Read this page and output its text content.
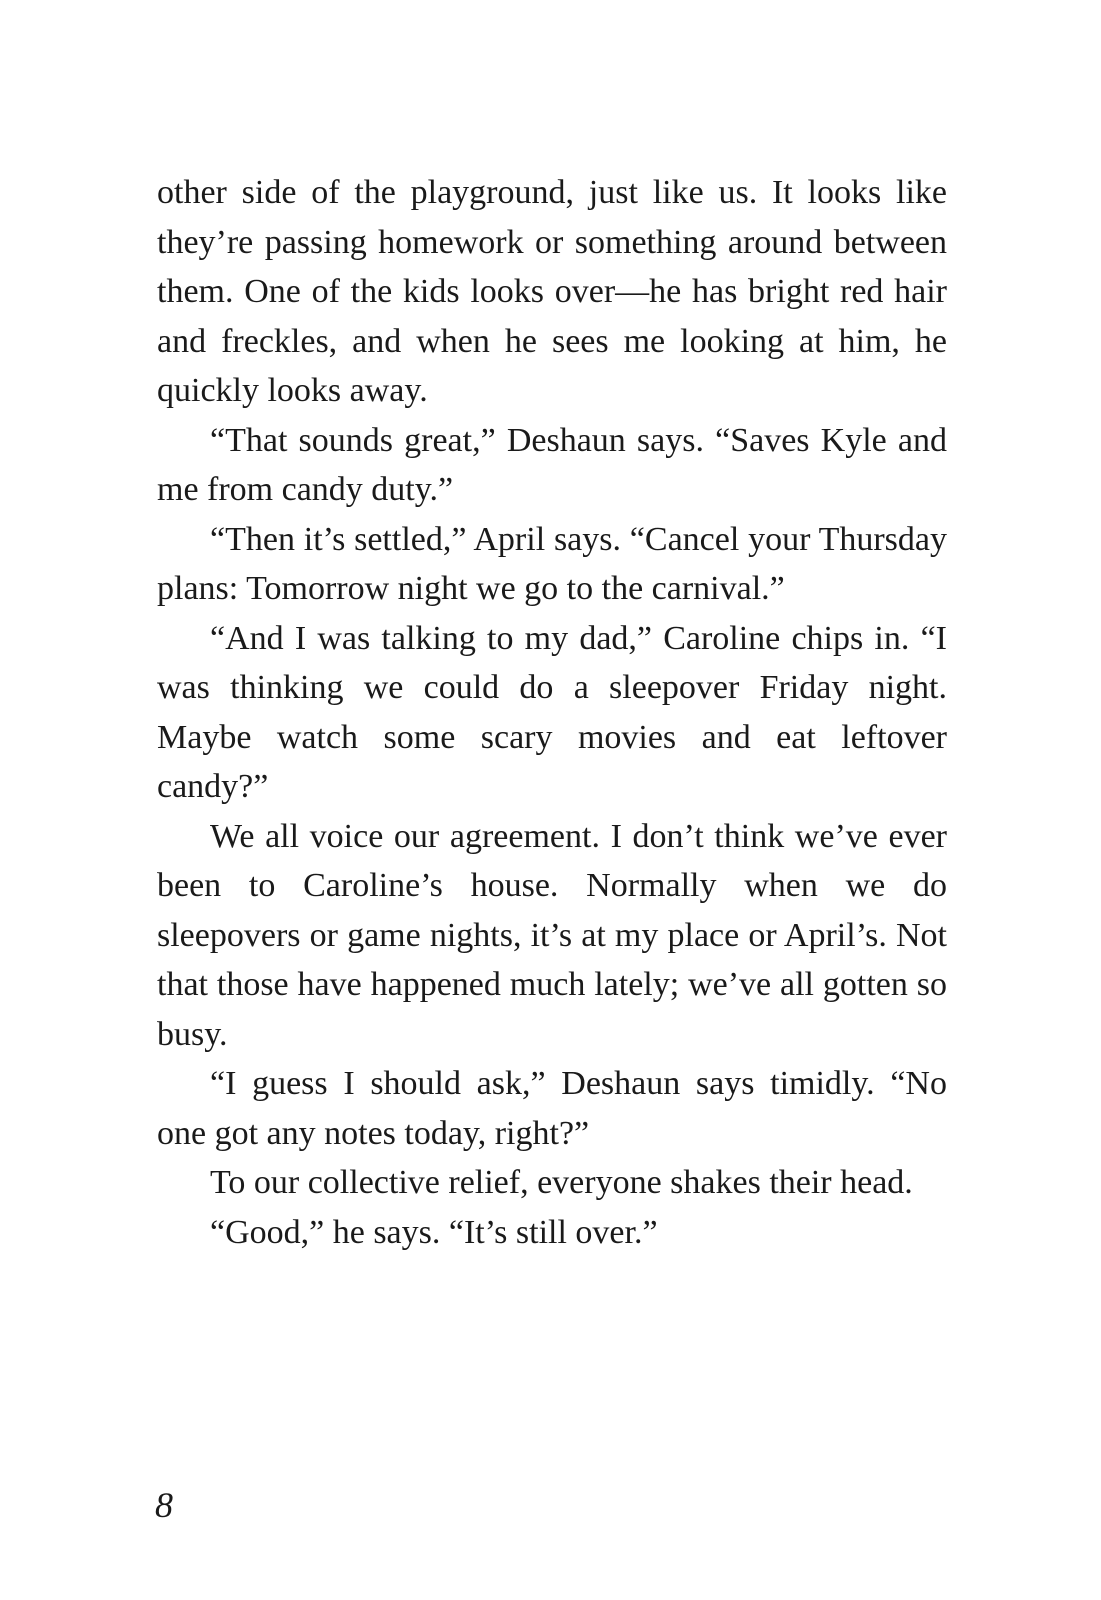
other side of the playground, just like us. It looks like they’re passing homework or something around between them. One of the kids looks over—he has bright red hair and freckles, and when he sees me looking at him, he quickly looks away.

“That sounds great,” Deshaun says. “Saves Kyle and me from candy duty.”

“Then it’s settled,” April says. “Cancel your Thursday plans: Tomorrow night we go to the carnival.”

“And I was talking to my dad,” Caroline chips in. “I was thinking we could do a sleepover Friday night. Maybe watch some scary movies and eat leftover candy?”

We all voice our agreement. I don’t think we’ve ever been to Caroline’s house. Normally when we do sleepovers or game nights, it’s at my place or April’s. Not that those have happened much lately; we’ve all gotten so busy.

“I guess I should ask,” Deshaun says timidly. “No one got any notes today, right?”

To our collective relief, everyone shakes their head.

“Good,” he says. “It’s still over.”

8
